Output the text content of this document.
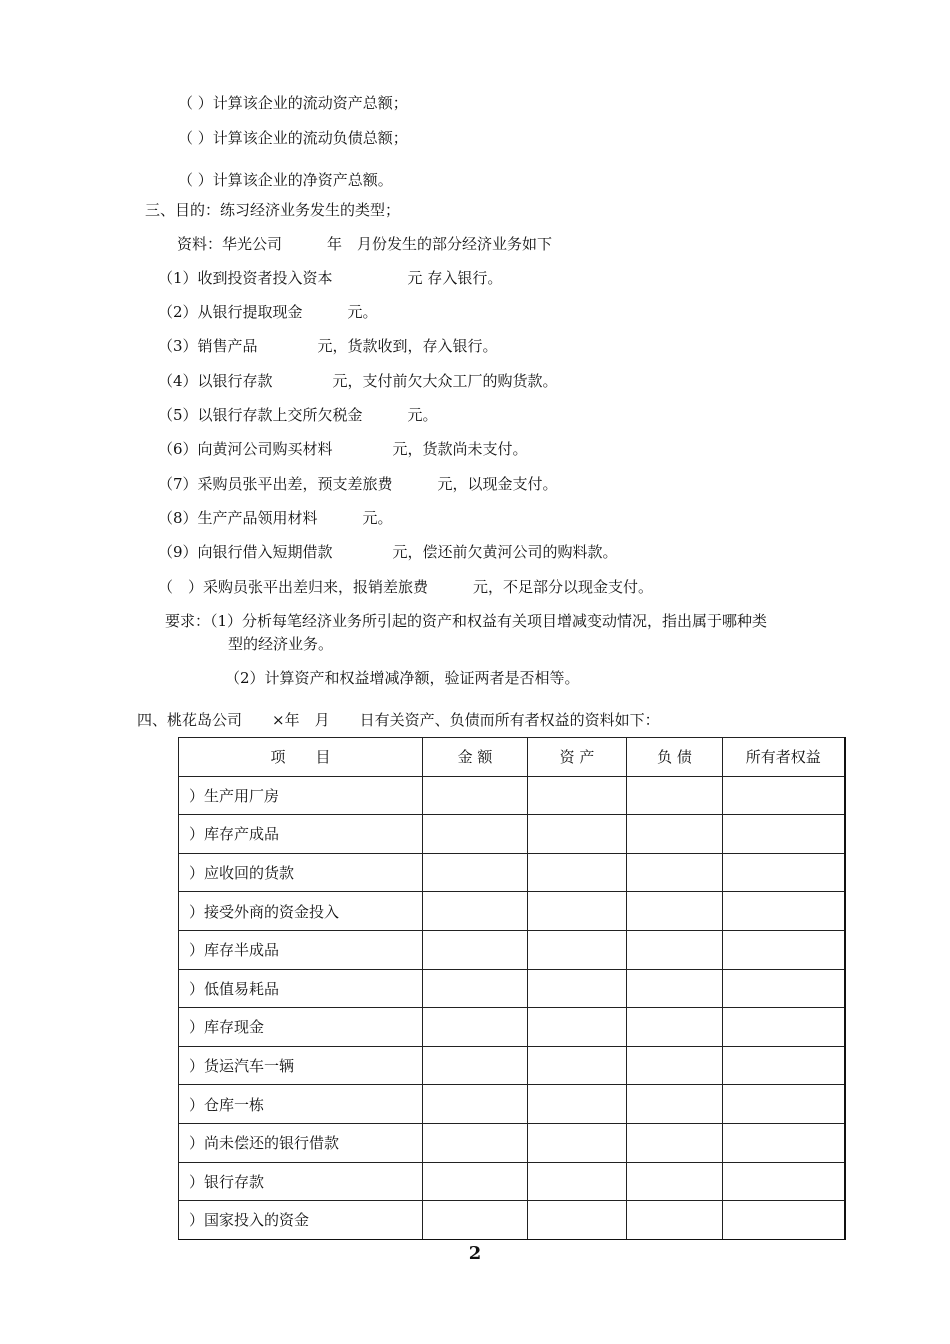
（ ）计算该企业的流动资产总额；
（ ）计算该企业的流动负债总额；
（ ）计算该企业的净资产总额。
三、目的：练习经济业务发生的类型；
资料：华光公司　　　年　月份发生的部分经济业务如下
（1）收到投资者投入资本　　　　　元 存入银行。
（2）从银行提取现金　　　元。
（3）销售产品　　　　元，货款收到，存入银行。
（4）以银行存款　　　　元，支付前欠大众工厂的购货款。
（5）以银行存款上交所欠税金　　　元。
（6）向黄河公司购买材料　　　　元，货款尚未支付。
（7）采购员张平出差，预支差旅费　　　元，以现金支付。
（8）生产产品领用材料　　　元。
（9）向银行借入短期借款　　　　元，偿还前欠黄河公司的购料款。
（　）采购员张平出差归来，报销差旅费　　　元，不足部分以现金支付。
要求：（1）分析每笔经济业务所引起的资产和权益有关项目增减变动情况，指出属于哪种类
型的经济业务。
（2）计算资产和权益增减净额，验证两者是否相等。
四、桃花岛公司　　×年　月　　日有关资产、负债而所有者权益的资料如下：
项　　目	金 额	资 产	负 债	所有者权益
）生产用厂房				
）库存产成品				
）应收回的货款				
）接受外商的资金投入				
）库存半成品				
）低值易耗品				
）库存现金				
）货运汽车一辆				
）仓库一栋				
）尚未偿还的银行借款				
）银行存款				
）国家投入的资金				
2
